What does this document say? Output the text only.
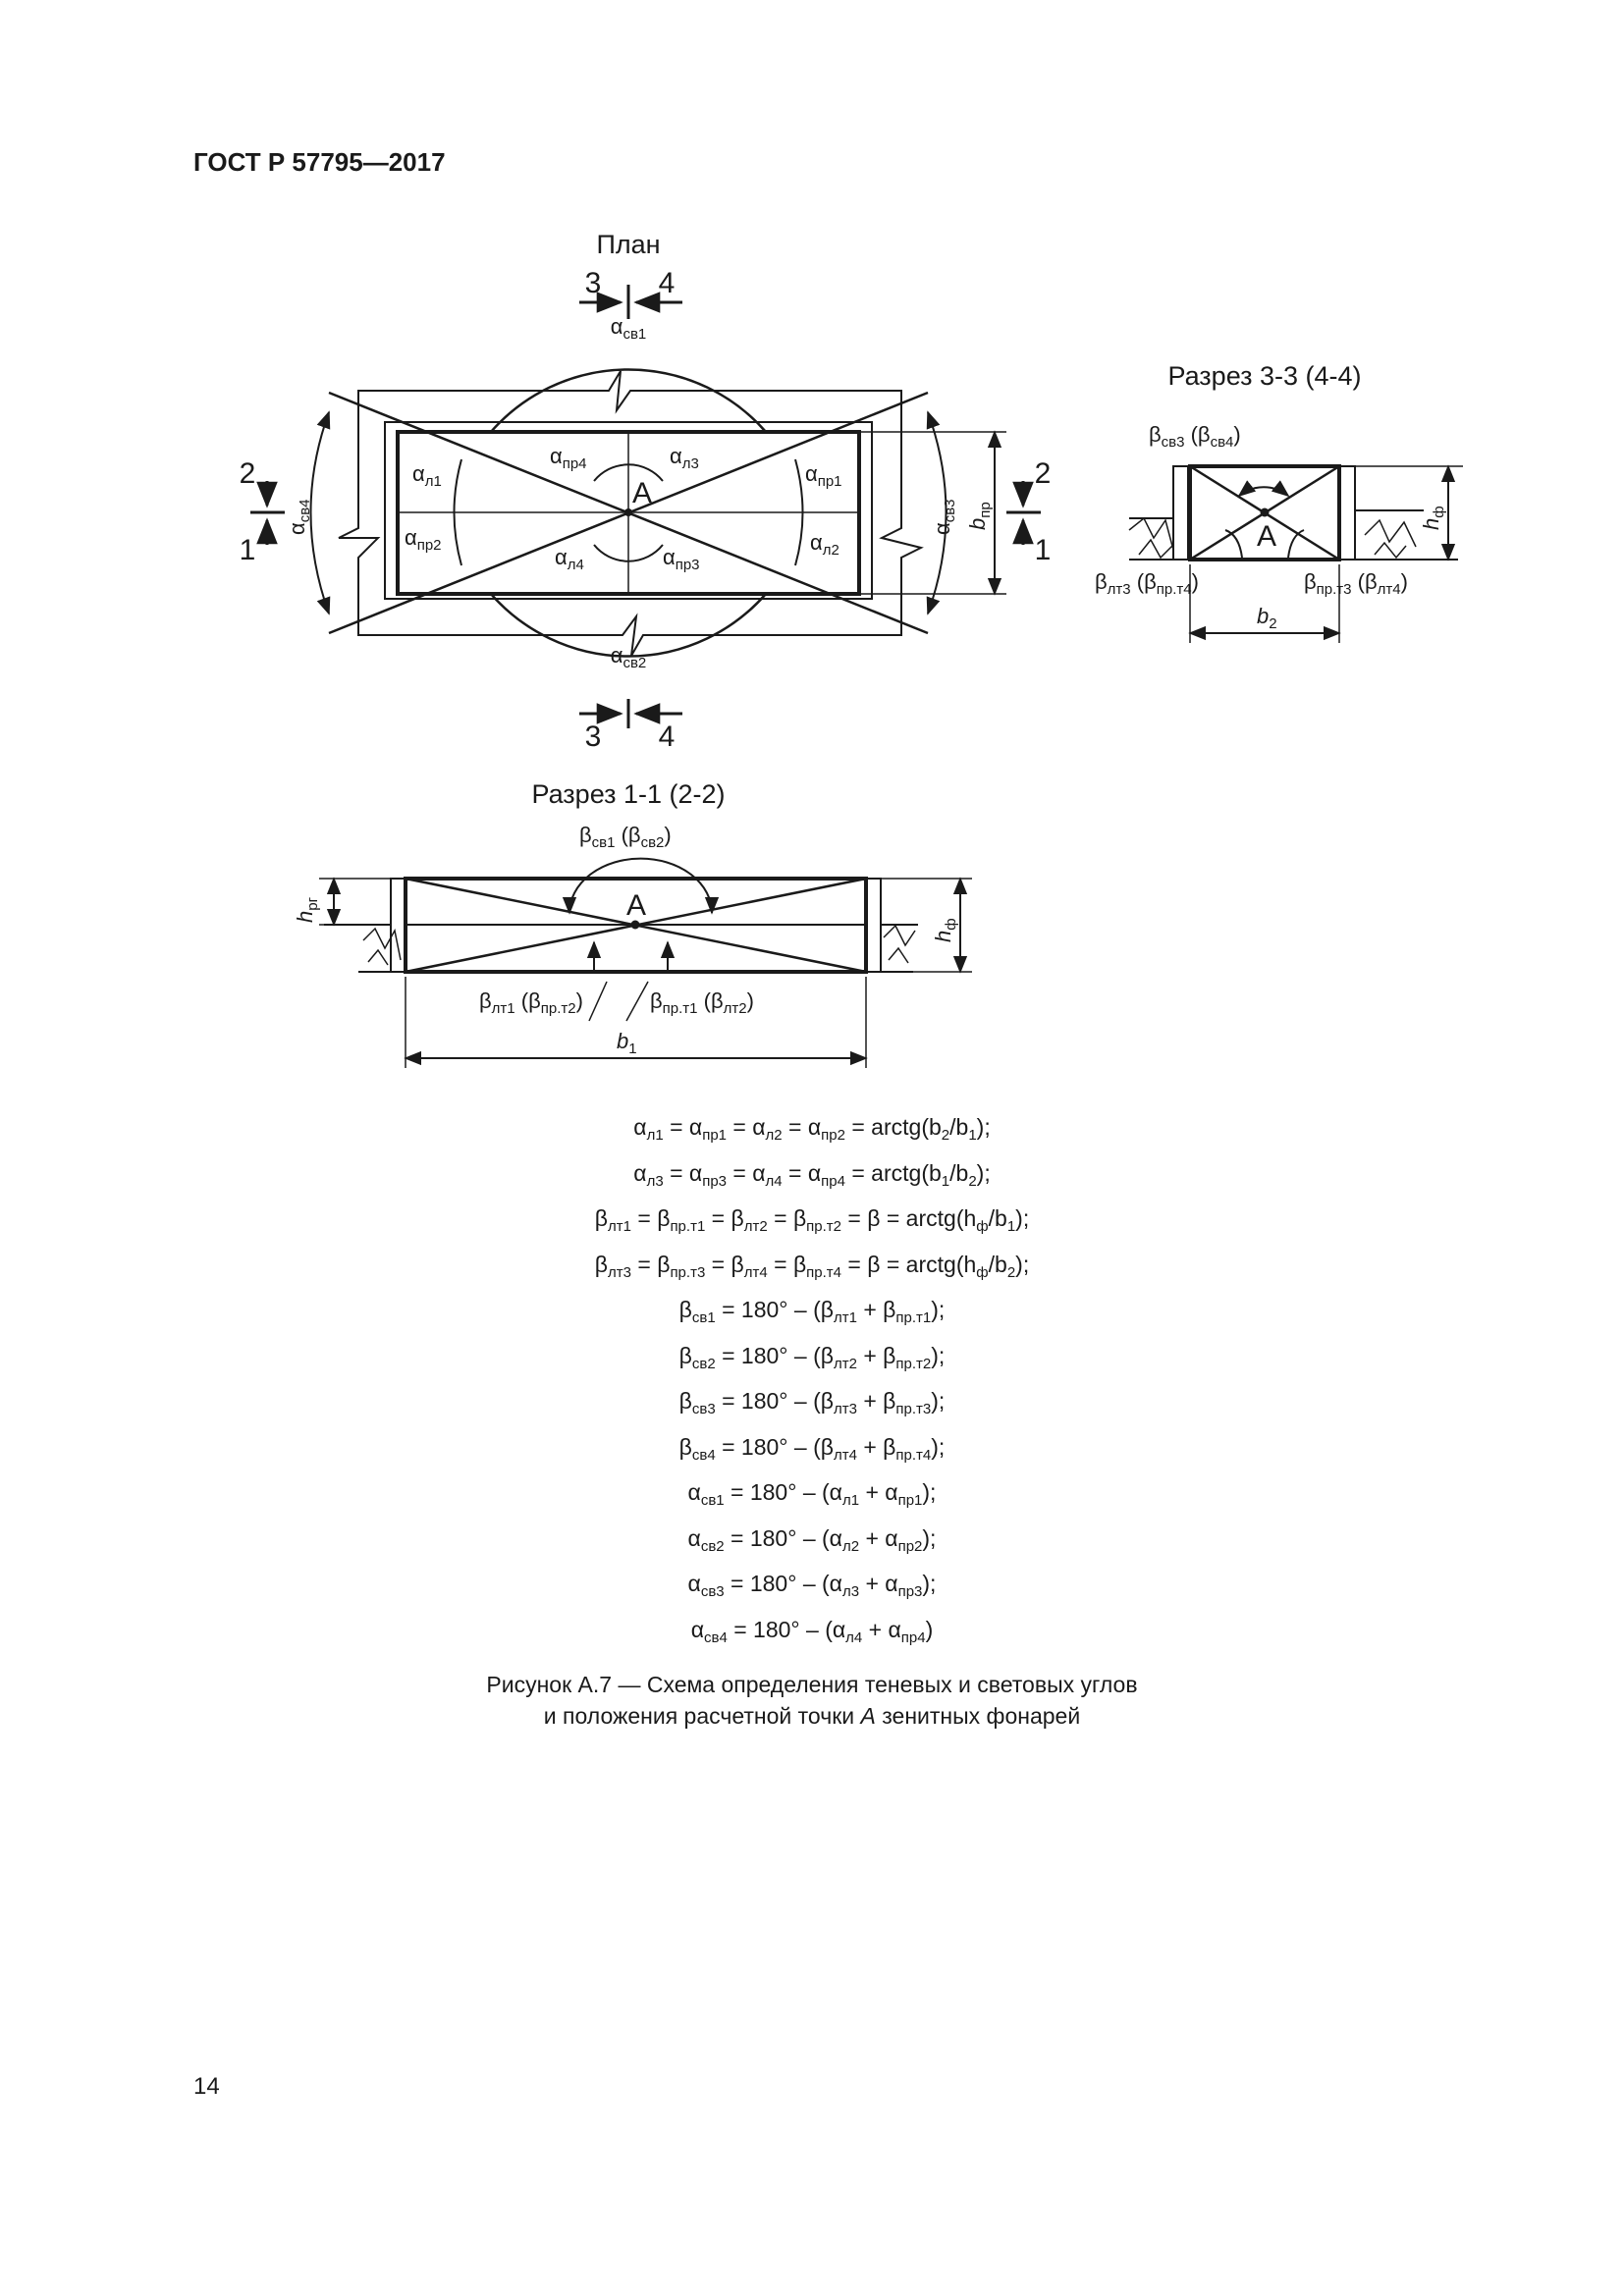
ГОСТ Р 57795—2017
План
3 4
3 4
2
1
2
1
A
$\alpha_{св1}$
$\alpha_{св2}$
$\alpha_{св3}$
$\alpha_{св4}$
$\alpha_{л1}$
$\alpha_{л2}$
$\alpha_{л3}$
$\alpha_{л4}$
$\alpha_{пр1}$
$\alpha_{пр2}$	$\alpha_{пр3}$
$\alpha_{пр4}$
$b_{пр}$
Разрез 3-3 (4-4)
$\beta_{св3}$ $(\beta_{св4})$
A
$\beta_{лт3}$ $(\beta_{пр.т4})$	$\beta_{пр.т3}$ $(\beta_{лт4})$
$h_ф$
$b_2$
Разрез 1-1 (2-2)
$\beta_{св1}$ $(\beta_{св2})$
A
$\beta_{лт1}$ $(\beta_{пр.т2})$	$\beta_{пр.т1}$ $(\beta_{лт2})$
$h_{рг}$
$h_ф$
$b_1$
$\alpha_{л1} = \alpha_{пр1} = \alpha_{л2} = \alpha_{пр2}$ = $arctg(b_2/b_1)$;
$\alpha_{л3} = \alpha_{пр3} = \alpha_{л4} = \alpha_{пр4}$ = $arctg(b_1/b_2)$;
$\beta_{лт1} = \beta_{пр.т1} = \beta_{лт2} = \beta_{пр.т2} = \beta$ = $arctg(h_ф/b_1)$;
$\beta_{лт3} = \beta_{пр.т3} = \beta_{лт4} = \beta_{пр.т4} = \beta$ = $arctg(h_ф/b_2)$;
$\beta_{св1} = 180^\circ - (\beta_{лт1} + \beta_{пр.т1})$;
$\beta_{св2} = 180^\circ - (\beta_{лт2} + \beta_{пр.т2})$;
$\beta_{св3} = 180^\circ - (\beta_{лт3} + \beta_{пр.т3})$;
$\beta_{св4} = 180^\circ - (\beta_{лт4} + \beta_{пр.т4})$;
$\alpha_{св1} = 180^\circ - (\alpha_{л1} + \alpha_{пр1})$;
$\alpha_{св2} = 180^\circ - (\alpha_{л2} + \alpha_{пр2})$;
$\alpha_{св3} = 180^\circ - (\alpha_{л3} + \alpha_{пр3})$;
$\alpha_{св4} = 180^\circ - (\alpha_{л4} + \alpha_{пр4})$
Рисунок А.7 — Схема определения теневых и световых углов
и положения расчетной точки A зенитных фонарей
14
